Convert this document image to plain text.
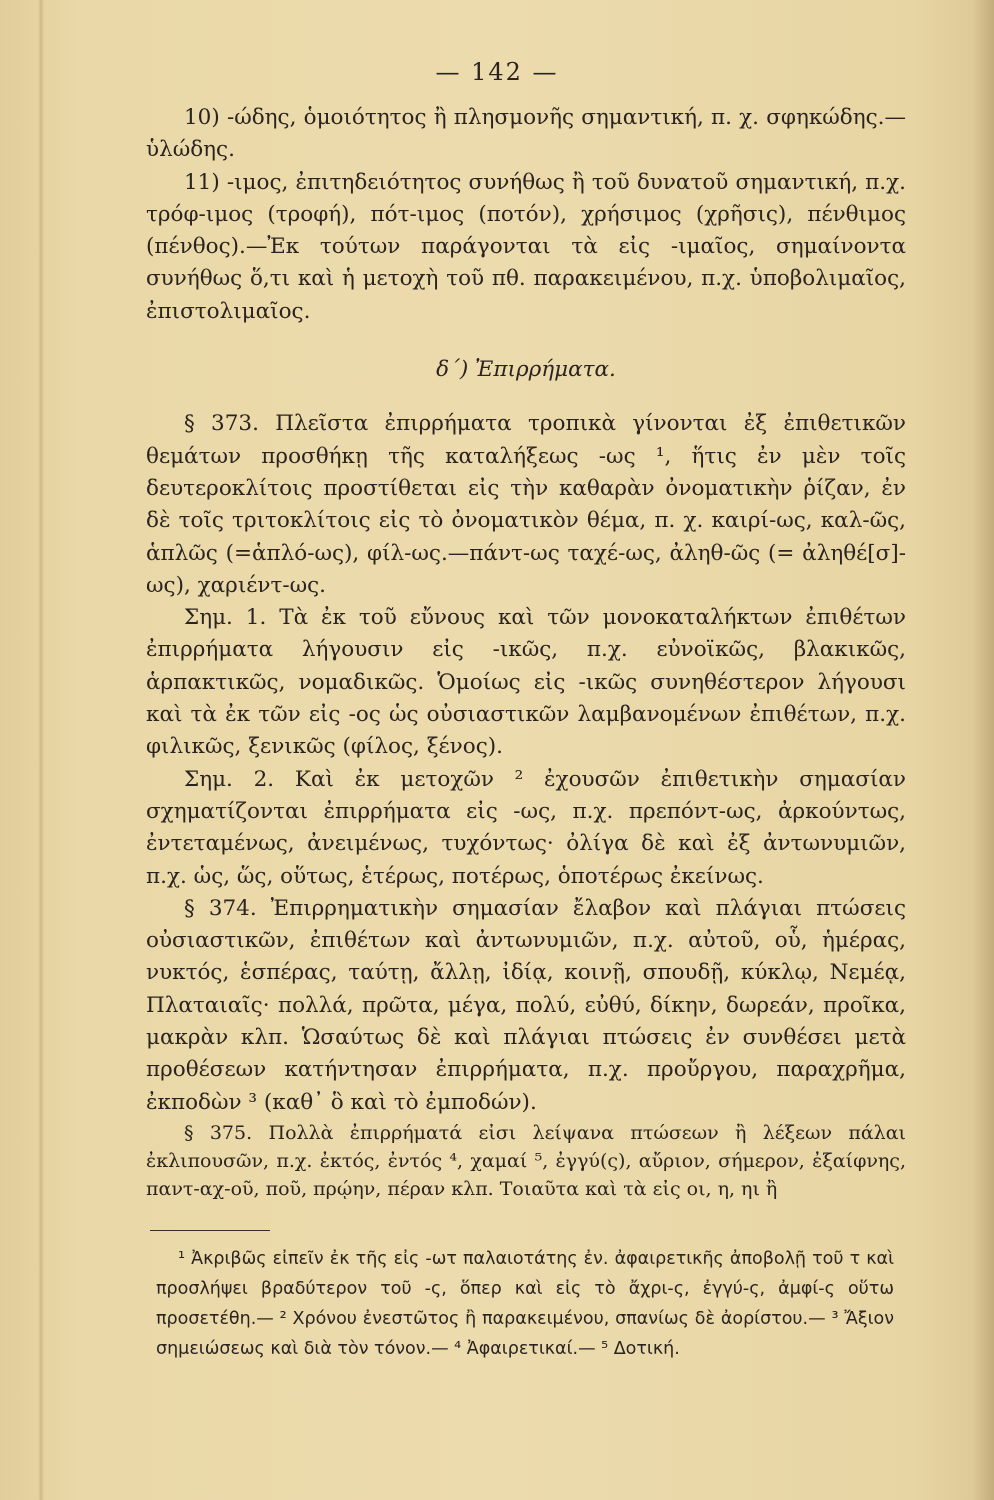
— 142 —

10) -ώδης, ὁμοιότητος ἢ πλησμονῆς σημαντική, π. χ. σφηκώδης.—ὑλώδης.

11) -ιμος, ἐπιτηδειότητος συνήθως ἢ τοῦ δυνατοῦ σημαντική, π.χ. τρόφ-ιμος (τροφή), πότ-ιμος (ποτόν), χρήσιμος (χρῆσις), πένθιμος (πένθος).—Ἐκ τούτων παράγονται τὰ εἰς -ιμαῖος, σημαίνοντα συνήθως ὅ,τι καὶ ἡ μετοχὴ τοῦ πθ. παρακειμένου, π.χ. ὑποβολιμαῖος, ἐπιστολιμαῖος.

δ΄) Ἐπιρρήματα.

§ 373. Πλεῖστα ἐπιρρήματα τροπικὰ γίνονται ἐξ ἐπιθετικῶν θεμάτων προσθήκῃ τῆς καταλήξεως -ως ¹, ἥτις ἐν μὲν τοῖς δευτεροκλίτοις προστίθεται εἰς τὴν καθαρὰν ὀνοματικὴν ῥίζαν, ἐν δὲ τοῖς τριτοκλίτοις εἰς τὸ ὀνοματικὸν θέμα, π. χ. καιρί-ως, καλ-ῶς, ἁπλῶς (=ἁπλό-ως), φίλ-ως.—πάντ-ως ταχέ-ως, ἀληθ-ῶς (= ἀληθέ[σ]-ως), χαριέντ-ως.

Σημ. 1. Τὰ ἐκ τοῦ εὔνους καὶ τῶν μονοκαταλήκτων ἐπιθέτων ἐπιρρήματα λήγουσιν εἰς -ικῶς, π.χ. εὐνοϊκῶς, βλακικῶς, ἁρπακτικῶς, νομαδικῶς. Ὁμοίως εἰς -ικῶς συνηθέστερον λήγουσι καὶ τὰ ἐκ τῶν εἰς -ος ὡς οὐσιαστικῶν λαμβανομένων ἐπιθέτων, π.χ. φιλικῶς, ξενικῶς (φίλος, ξένος).

Σημ. 2. Καὶ ἐκ μετοχῶν ² ἐχουσῶν ἐπιθετικὴν σημασίαν σχηματίζονται ἐπιρρήματα εἰς -ως, π.χ. πρεπόντ-ως, ἀρκούντως, ἐντεταμένως, ἀνειμένως, τυχόντως· ὀλίγα δὲ καὶ ἐξ ἀντωνυμιῶν, π.χ. ὡς, ὥς, οὕτως, ἑτέρως, ποτέρως, ὁποτέρως ἐκείνως.

§ 374. Ἐπιρρηματικὴν σημασίαν ἔλαβον καὶ πλάγιαι πτώσεις οὐσιαστικῶν, ἐπιθέτων καὶ ἀντωνυμιῶν, π.χ. αὐτοῦ, οὗ, ἡμέρας, νυκτός, ἑσπέρας, ταύτῃ, ἄλλῃ, ἰδίᾳ, κοινῇ, σπουδῇ, κύκλῳ, Νεμέᾳ, Πλαταιαῖς· πολλά, πρῶτα, μέγα, πολύ, εὐθύ, δίκην, δωρεάν, προῖκα, μακρὰν κλπ. Ὡσαύτως δὲ καὶ πλάγιαι πτώσεις ἐν συνθέσει μετὰ προθέσεων κατήντησαν ἐπιρρήματα, π.χ. προὔργου, παραχρῆμα, ἐκποδὼν ³ (καθ᾽ ὃ καὶ τὸ ἐμποδών).

§ 375. Πολλὰ ἐπιρρήματά εἰσι λείψανα πτώσεων ἢ λέξεων πάλαι ἐκλιπουσῶν, π.χ. ἐκτός, ἐντός ⁴, χαμαί ⁵, ἐγγύ(ς), αὔριον, σήμερον, ἐξαίφνης, παντ-αχ-οῦ, ποῦ, πρῴην, πέραν κλπ. Τοιαῦτα καὶ τὰ εἰς οι, η, ηι ἢ

¹ Ἀκριβῶς εἰπεῖν ἐκ τῆς εἰς -ωτ παλαιοτάτης ἐν. ἀφαιρετικῆς ἀποβολῇ τοῦ τ καὶ προσλήψει βραδύτερον τοῦ -ς, ὅπερ καὶ εἰς τὸ ἄχρι-ς, ἐγγύ-ς, ἀμφί-ς οὕτω προσετέθη.— ² Χρόνου ἐνεστῶτος ἢ παρακειμένου, σπανίως δὲ ἀορίστου.— ³ Ἄξιον σημειώσεως καὶ διὰ τὸν τόνον.— ⁴ Ἀφαιρετικαί.— ⁵ Δοτική.
